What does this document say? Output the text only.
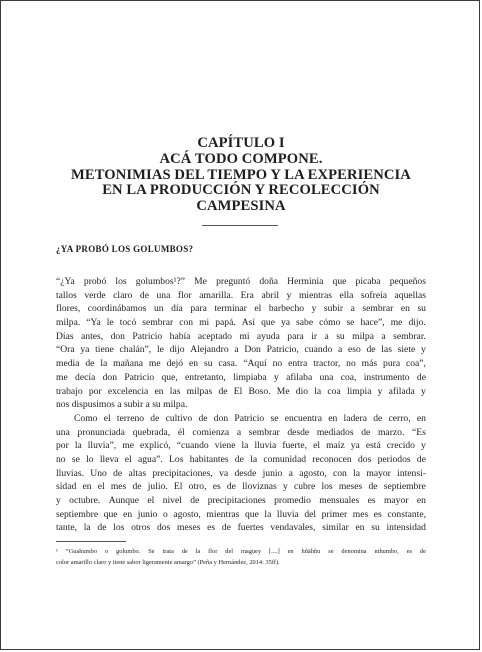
CAPÍTULO I
ACÁ TODO COMPONE.
METONIMIAS DEL TIEMPO Y LA EXPERIENCIA
EN LA PRODUCCIÓN Y RECOLECCIÓN
CAMPESINA
¿YA PROBÓ LOS GOLUMBOS?
“¿Ya probó los golumbos¹?” Me preguntó doña Herminia que picaba pequeños
tallos verde claro de una flor amarilla. Era abril y mientras ella sofreía aquellas
flores, coordinábamos un día para terminar el barbecho y subir a sembrar en su
milpa. “Ya le tocó sembrar con mi papá. Así que ya sabe cómo se hace”, me dijo.
Días antes, don Patricio había aceptado mi ayuda para ir a su milpa a sembrar.
“Ora ya tiene chalán”, le dijo Alejandro a Don Patricio, cuando a eso de las siete y
media de la mañana me dejó en su casa. “Aquí no entra tractor, no más pura coa”,
me decía don Patricio que, entretanto, limpiaba y afilaba una coa, instrumento de
trabajo por excelencia en las milpas de El Boso. Me dio la coa limpia y afilada y
nos dispusimos a subir a su milpa.
Como el terreno de cultivo de don Patricio se encuentra en ladera de cerro, en
una pronunciada quebrada, él comienza a sembrar desde mediados de marzo. “Es
por la lluvia”, me explicó, “cuando viene la lluvia fuerte, el maíz ya está crecido y
no se lo lleva el agua”. Los habitantes de la comunidad reconocen dos periodos de
lluvias. Uno de altas precipitaciones, va desde junio a agosto, con la mayor intensi-
sidad en el mes de julio. El otro, es de lloviznas y cubre los meses de septiembre
y octubre. Aunque el nivel de precipitaciones promedio mensuales es mayor en
septiembre que en junio o agosto, mientras que la lluvia del primer mes es constante,
tante, la de los otros dos meses es de fuertes vendavales, similar en su intensidad
¹ “Guahumbo o golumbo. Se trata de la flor del maguey [....] en hñähñu se denomina nthumbo, es de
color amarillo claro y tiene sabor ligeramente amargo” (Peña y Hernández, 2014: 35ff).
